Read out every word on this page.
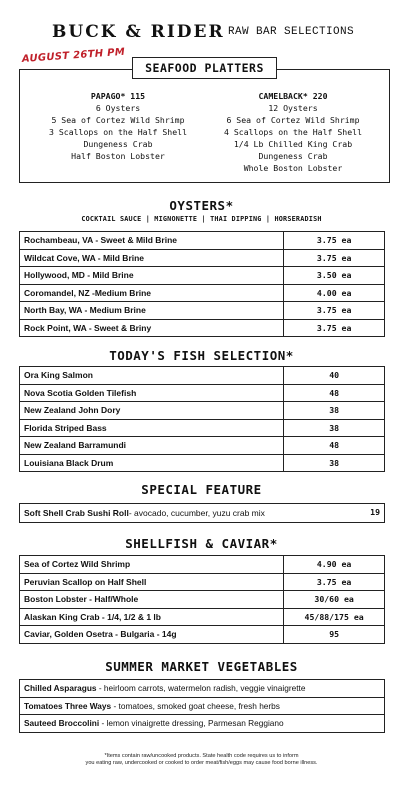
BUCK & RIDER RAW BAR SELECTIONS
AUGUST 26TH PM
PAPAGO* 115
6 Oysters
5 Sea of Cortez Wild Shrimp
3 Scallops on the Half Shell
Dungeness Crab
Half Boston Lobster
CAMELBACK* 220
12 Oysters
6 Sea of Cortez Wild Shrimp
4 Scallops on the Half Shell
1/4 Lb Chilled King Crab
Dungeness Crab
Whole Boston Lobster
SEAFOOD PLATTERS
OYSTERS*
COCKTAIL SAUCE | MIGNONETTE | THAI DIPPING | HORSERADISH
Rochambeau, VA - Sweet & Mild Brine	3.75 ea
Wildcat Cove, WA - Mild Brine	3.75 ea
Hollywood, MD - Mild Brine	3.50 ea
Coromandel, NZ -Medium Brine	4.00 ea
North Bay, WA - Medium Brine	3.75 ea
Rock Point, WA - Sweet & Briny	3.75 ea
TODAY'S FISH SELECTION*
Ora King Salmon	40
Nova Scotia Golden Tilefish	48
New Zealand John Dory	38
Florida Striped Bass	38
New Zealand Barramundi	48
Louisiana Black Drum	38
SPECIAL FEATURE
Soft Shell Crab Sushi Roll - avocado, cucumber, yuzu crab mix	19
SHELLFISH & CAVIAR*
Sea of Cortez Wild Shrimp	4.90 ea
Peruvian Scallop on Half Shell	3.75 ea
Boston Lobster - Half/Whole	30/60 ea
Alaskan King Crab - 1/4, 1/2 & 1 lb	45/88/175 ea
Caviar, Golden Osetra - Bulgaria - 14g	95
SUMMER MARKET VEGETABLES
Chilled Asparagus - heirloom carrots, watermelon radish, veggie vinaigrette
Tomatoes Three Ways - tomatoes, smoked goat cheese, fresh herbs
Sauteed Broccolini - lemon vinaigrette dressing, Parmesan Reggiano
*Items contain raw/uncooked products. State health code requires us to inform
you eating raw, undercooked or cooked to order meat/fish/eggs may cause food borne illness.
